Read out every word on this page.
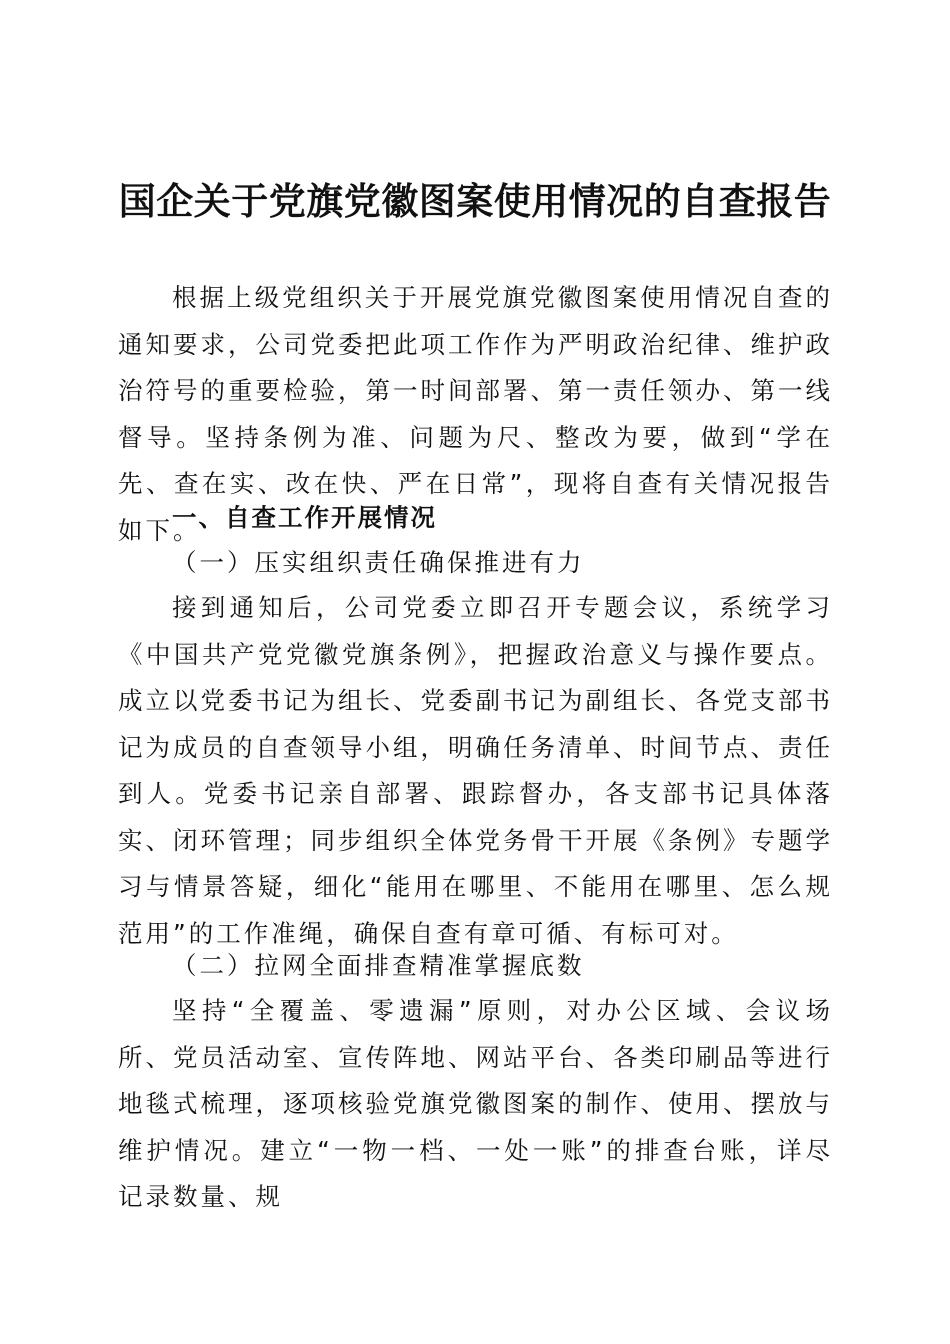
国企关于党旗党徽图案使用情况的自查报告

根据上级党组织关于开展党旗党徽图案使用情况自查的通知要求，公司党委把此项工作作为严明政治纪律、维护政治符号的重要检验，第一时间部署、第一责任领办、第一线督导。坚持条例为准、问题为尺、整改为要，做到“学在先、查在实、改在快、严在日常”，现将自查有关情况报告如下。

一、自查工作开展情况
（一）压实组织责任确保推进有力

接到通知后，公司党委立即召开专题会议，系统学习《中国共产党党徽党旗条例》，把握政治意义与操作要点。成立以党委书记为组长、党委副书记为副组长、各党支部书记为成员的自查领导小组，明确任务清单、时间节点、责任到人。党委书记亲自部署、跟踪督办，各支部书记具体落实、闭环管理；同步组织全体党务骨干开展《条例》专题学习与情景答疑，细化“能用在哪里、不能用在哪里、怎么规范用”的工作准绳，确保自查有章可循、有标可对。

（二）拉网全面排查精准掌握底数

坚持“全覆盖、零遗漏”原则，对办公区域、会议场所、党员活动室、宣传阵地、网站平台、各类印刷品等进行地毯式梳理，逐项核验党旗党徽图案的制作、使用、摆放与维护情况。建立“一物一档、一处一账”的排查台账，详尽记录数量、规
